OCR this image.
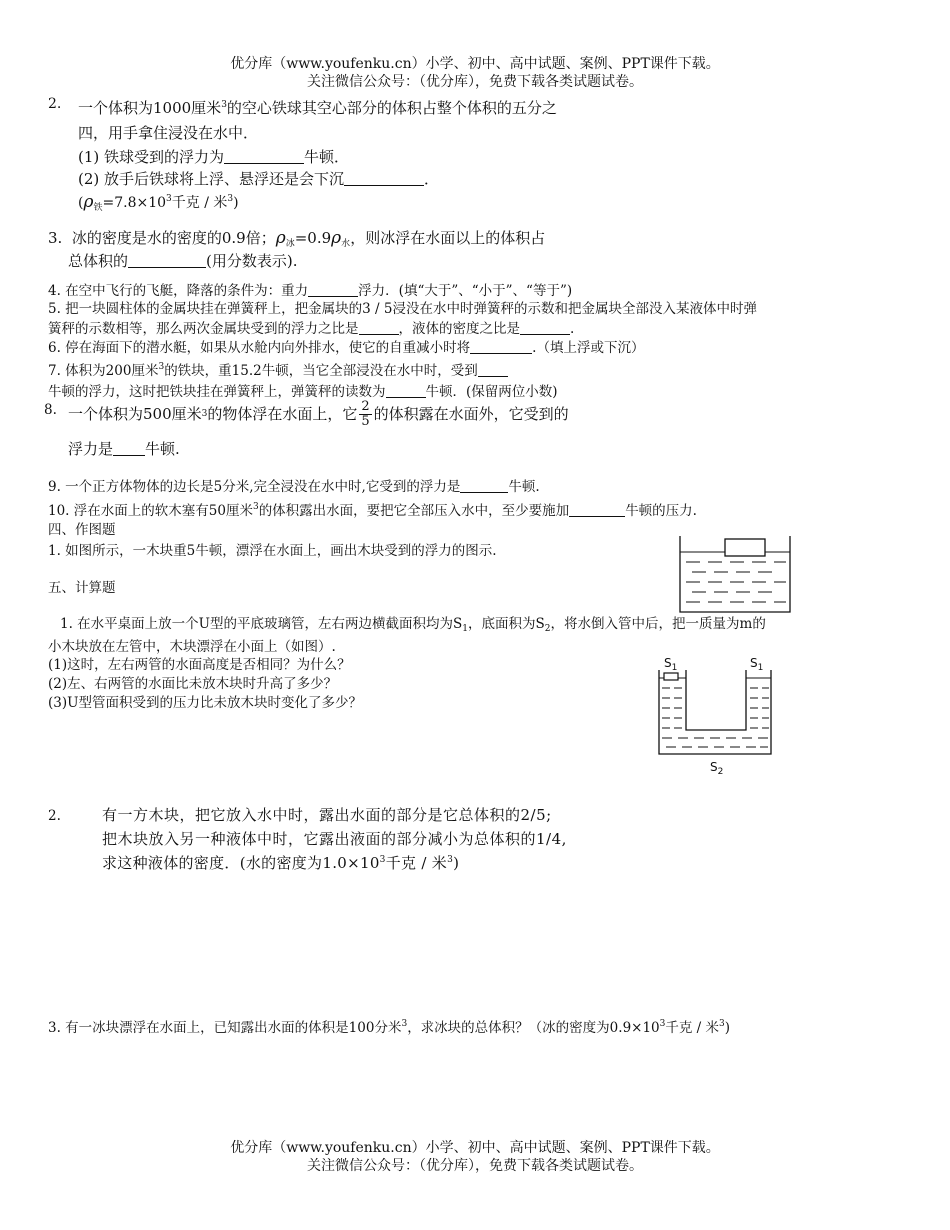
优分库（www.youfenku.cn）小学、初中、高中试题、案例、PPT课件下载。
关注微信公众号：（优分库），免费下载各类试题试卷。
2. 一个体积为1000厘米$^3$的空心铁球其空心部分的体积占整个体积的五分之
四，用手拿住浸没在水中．
(1) 铁球受到的浮力为	牛顿．
(2) 放手后铁球将上浮、悬浮还是会下沉	．
($\rho_铁=7.8\times 10^3$千克 / 米$^3$)
3. 冰的密度是水的密度的0.9倍；$\rho_冰=0.9\rho_水$，则冰浮在水面以上的体积占
总体积的	(用分数表示).
4. 在空中飞行的飞艇，降落的条件为：重力	浮力．(填“大于”、“小于”、“等于”)
5. 把一块圆柱体的金属块挂在弹簧秤上，把金属块的3 / 5浸没在水中时弹簧秤的示数和把金属块全部没入某液体中时弹
簧秤的示数相等，那么两次金属块受到的浮力之比是	，液体的密度之比是	.
6. 停在海面下的潜水艇，如果从水舱内向外排水，使它的自重减小时将	.（填上浮或下沉）
7. 体积为200厘米$^3$的铁块，重15.2牛顿，当它全部浸没在水中时，受到
牛顿的浮力，这时把铁块挂在弹簧秤上，弹簧秤的读数为	牛顿．(保留两位小数)
8. 一个体积为500厘米 3 的物体浮在水面上，它 $\frac{2}{5}$ 的体积露在水面外，它受到的
浮力是 牛顿.
9. 一个正方体物体的边长是5分米,完全浸没在水中时,它受到的浮力是	牛顿.
10. 浮在水面上的软木塞有50厘米$^3$的体积露出水面，要把它全部压入水中，至少要施加	牛顿的压力.
四、作图题
1. 如图所示，一木块重5牛顿，漂浮在水面上，画出木块受到的浮力的图示.
五、计算题
1. 在水平桌面上放一个U型的平底玻璃管，左右两边横截面积均为$S_1$，底面积为$S_2$，将水倒入管中后，把一质量为m的
小木块放在左管中，木块漂浮在小面上（如图）.
(1)这时，左右两管的水面高度是否相同？为什么？
(2)左、右两管的水面比未放木块时升高了多少？
(3)U型管面积受到的压力比未放木块时变化了多少？
$S_1$	$S_1$
$S_2$
2.	有一方木块，把它放入水中时，露出水面的部分是它总体积的2/5;
把木块放入另一种液体中时，它露出液面的部分减小为总体积的1/4,
求这种液体的密度．(水的密度为$1.0\times 10^3$千克 / 米$^3$)
3. 有一冰块漂浮在水面上，已知露出水面的体积是100分米$^3$，求冰块的总体积？（冰的密度为$0.9\times 10^3$千克 / 米$^3$)
优分库（www.youfenku.cn）小学、初中、高中试题、案例、PPT课件下载。
关注微信公众号：（优分库），免费下载各类试题试卷。
